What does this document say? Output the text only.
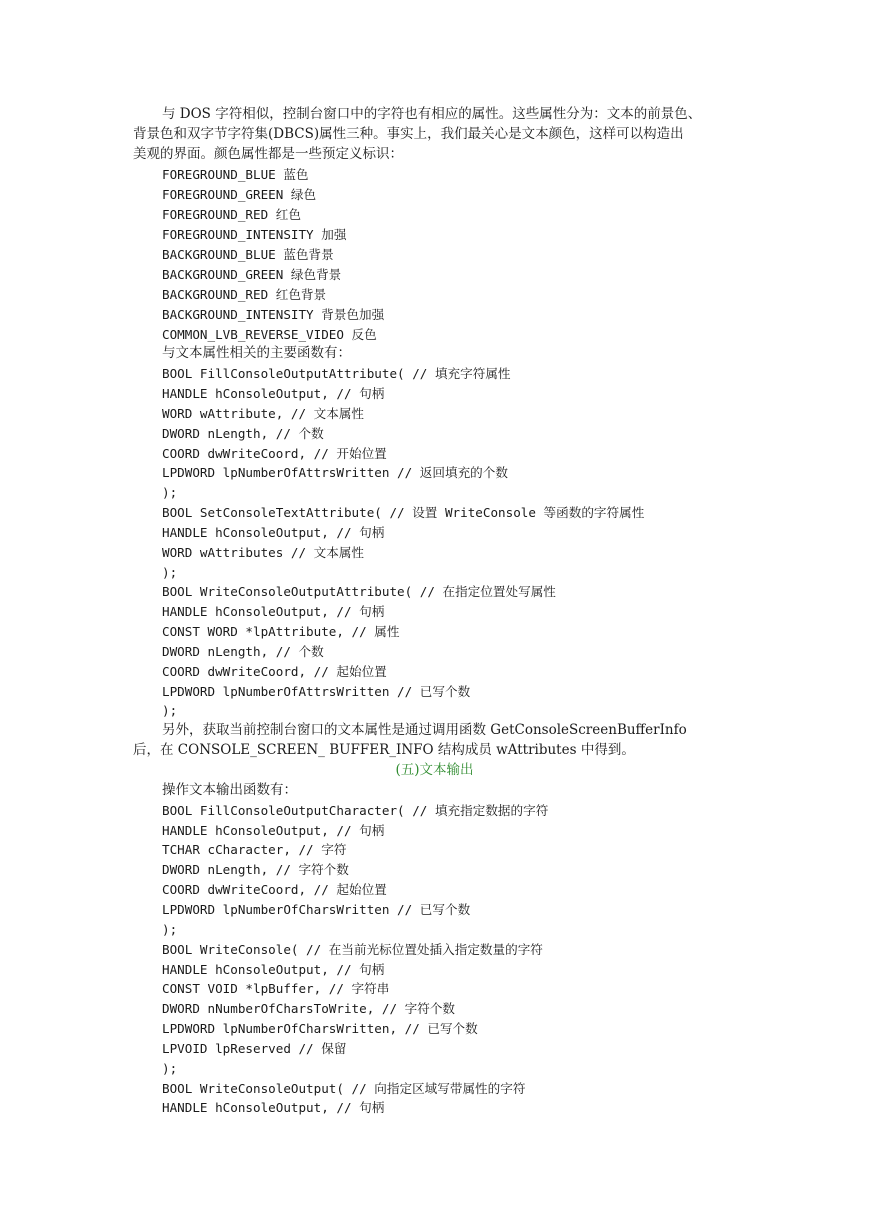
与 DOS 字符相似，控制台窗口中的字符也有相应的属性。这些属性分为：文本的前景色、
背景色和双字节字符集(DBCS)属性三种。事实上，我们最关心是文本颜色，这样可以构造出
美观的界面。颜色属性都是一些预定义标识：
FOREGROUND_BLUE 蓝色
FOREGROUND_GREEN 绿色
FOREGROUND_RED 红色
FOREGROUND_INTENSITY 加强
BACKGROUND_BLUE 蓝色背景
BACKGROUND_GREEN 绿色背景
BACKGROUND_RED 红色背景
BACKGROUND_INTENSITY 背景色加强
COMMON_LVB_REVERSE_VIDEO 反色
与文本属性相关的主要函数有：
BOOL FillConsoleOutputAttribute( // 填充字符属性
HANDLE hConsoleOutput, // 句柄
WORD wAttribute, // 文本属性
DWORD nLength, // 个数
COORD dwWriteCoord, // 开始位置
LPDWORD lpNumberOfAttrsWritten // 返回填充的个数
);
BOOL SetConsoleTextAttribute( // 设置 WriteConsole 等函数的字符属性
HANDLE hConsoleOutput, // 句柄
WORD wAttributes // 文本属性
);
BOOL WriteConsoleOutputAttribute( // 在指定位置处写属性
HANDLE hConsoleOutput, // 句柄
CONST WORD *lpAttribute, // 属性
DWORD nLength, // 个数
COORD dwWriteCoord, // 起始位置
LPDWORD lpNumberOfAttrsWritten // 已写个数
);
另外，获取当前控制台窗口的文本属性是通过调用函数 GetConsoleScreenBufferInfo
后，在 CONSOLE_SCREEN_ BUFFER_INFO 结构成员 wAttributes 中得到。
(五)文本输出
操作文本输出函数有：
BOOL FillConsoleOutputCharacter( // 填充指定数据的字符
HANDLE hConsoleOutput, // 句柄
TCHAR cCharacter, // 字符
DWORD nLength, // 字符个数
COORD dwWriteCoord, // 起始位置
LPDWORD lpNumberOfCharsWritten // 已写个数
);
BOOL WriteConsole( // 在当前光标位置处插入指定数量的字符
HANDLE hConsoleOutput, // 句柄
CONST VOID *lpBuffer, // 字符串
DWORD nNumberOfCharsToWrite, // 字符个数
LPDWORD lpNumberOfCharsWritten, // 已写个数
LPVOID lpReserved // 保留
);
BOOL WriteConsoleOutput( // 向指定区域写带属性的字符
HANDLE hConsoleOutput, // 句柄
